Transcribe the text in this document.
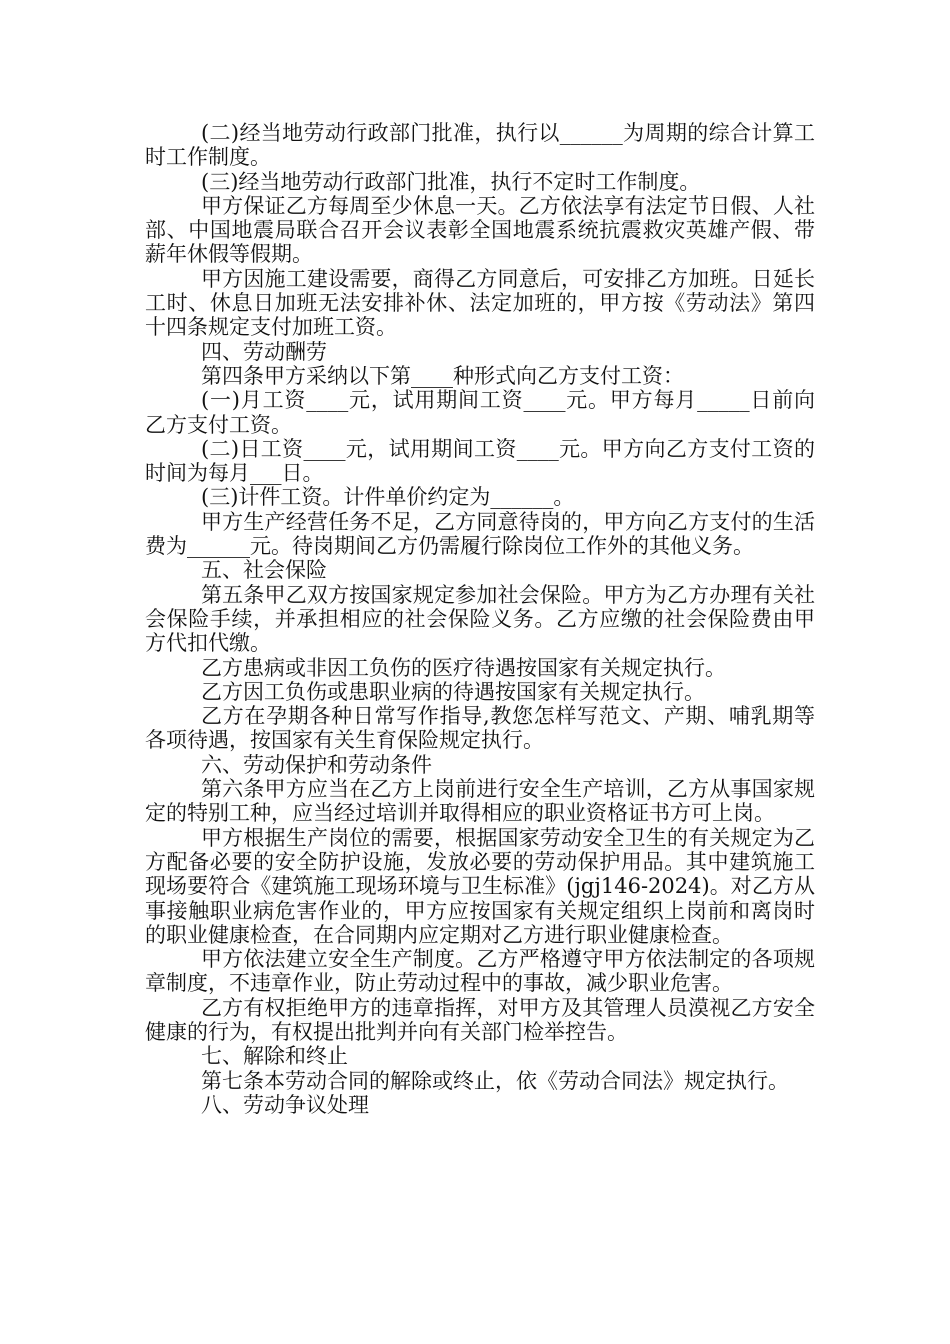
(二)经当地劳动行政部门批准，执行以______为周期的综合计算工时工作制度。

(三)经当地劳动行政部门批准，执行不定时工作制度。

甲方保证乙方每周至少休息一天。乙方依法享有法定节日假、人社部、中国地震局联合召开会议表彰全国地震系统抗震救灾英雄产假、带薪年休假等假期。

甲方因施工建设需要，商得乙方同意后，可安排乙方加班。日延长工时、休息日加班无法安排补休、法定加班的，甲方按《劳动法》第四十四条规定支付加班工资。

四、劳动酬劳

第四条甲方采纳以下第____种形式向乙方支付工资：

(一)月工资____元，试用期间工资____元。甲方每月_____日前向乙方支付工资。

(二)日工资____元，试用期间工资____元。甲方向乙方支付工资的时间为每月___日。

(三)计件工资。计件单价约定为______。

甲方生产经营任务不足，乙方同意待岗的，甲方向乙方支付的生活费为______元。待岗期间乙方仍需履行除岗位工作外的其他义务。

五、社会保险

第五条甲乙双方按国家规定参加社会保险。甲方为乙方办理有关社会保险手续，并承担相应的社会保险义务。乙方应缴的社会保险费由甲方代扣代缴。

乙方患病或非因工负伤的医疗待遇按国家有关规定执行。

乙方因工负伤或患职业病的待遇按国家有关规定执行。

乙方在孕期各种日常写作指导,教您怎样写范文、产期、哺乳期等各项待遇，按国家有关生育保险规定执行。

六、劳动保护和劳动条件

第六条甲方应当在乙方上岗前进行安全生产培训，乙方从事国家规定的特别工种，应当经过培训并取得相应的职业资格证书方可上岗。

甲方根据生产岗位的需要，根据国家劳动安全卫生的有关规定为乙方配备必要的安全防护设施，发放必要的劳动保护用品。其中建筑施工现场要符合《建筑施工现场环境与卫生标准》(jgj146-2024)。对乙方从事接触职业病危害作业的，甲方应按国家有关规定组织上岗前和离岗时的职业健康检查，在合同期内应定期对乙方进行职业健康检查。

甲方依法建立安全生产制度。乙方严格遵守甲方依法制定的各项规章制度，不违章作业，防止劳动过程中的事故，减少职业危害。

乙方有权拒绝甲方的违章指挥，对甲方及其管理人员漠视乙方安全健康的行为，有权提出批判并向有关部门检举控告。

七、解除和终止

第七条本劳动合同的解除或终止，依《劳动合同法》规定执行。

八、劳动争议处理
